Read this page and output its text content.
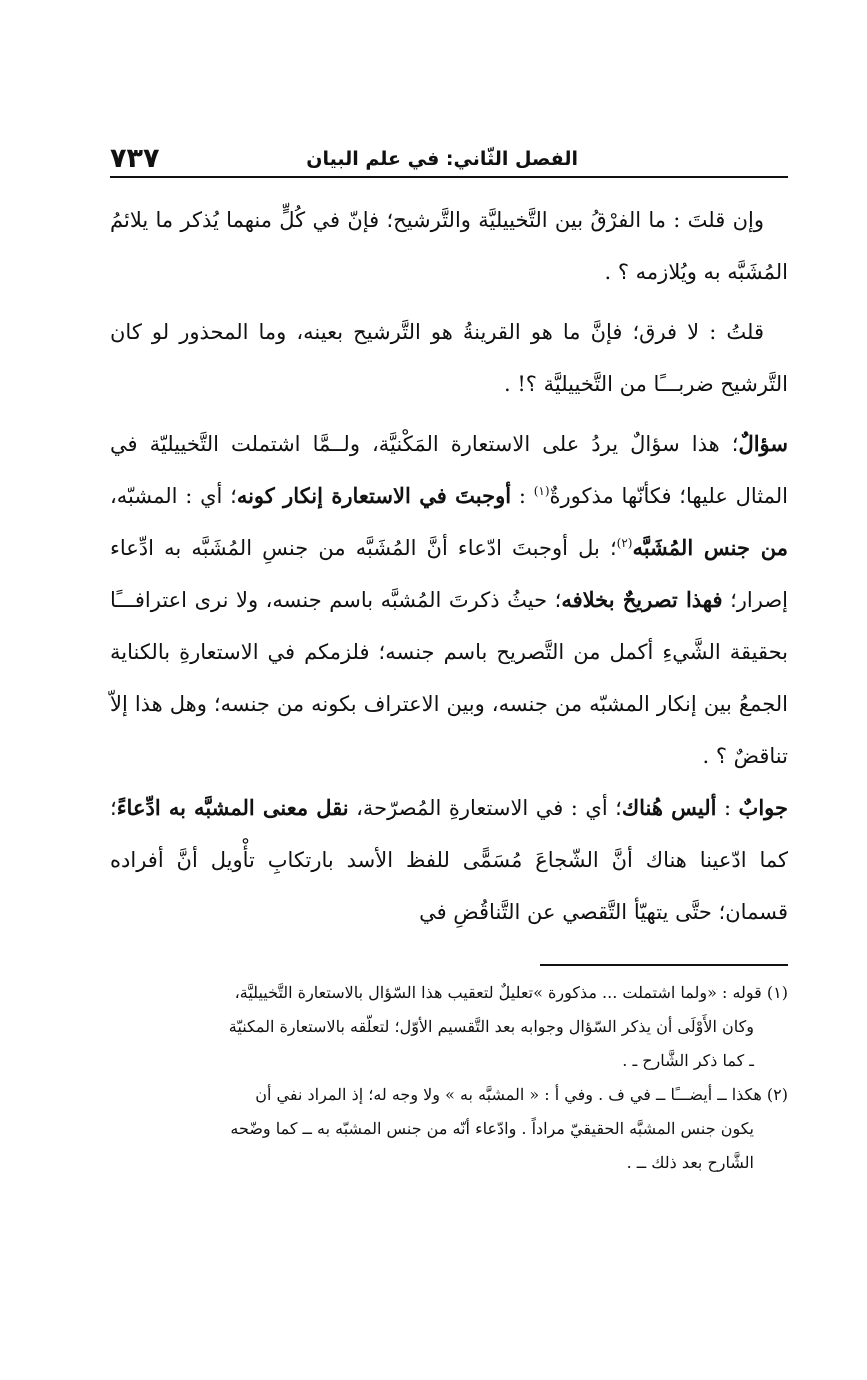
الفصل الثّاني: في علم البيان
٧٣٧

وإن قلتَ : ما الفرْقُ بين التَّخييليَّة والتَّرشيح؛ فإنّ في كُلٍّ منهما يُذكر ما يلائمُ المُشَبَّه به ويُلازمه ؟ .

قلتُ : لا فرق؛ فإنَّ ما هو القرينةُ هو التَّرشيح بعينه، وما المحذور لو كان التَّرشيح ضربـــًا من التَّخييليَّة ؟! .

سؤالٌ؛ هذا سؤالٌ يردُ على الاستعارة المَكْنيَّة، ولــمَّا اشتملت التَّخييليّة في المثال عليها؛ فكأنّها مذكورةٌ$^{(١)}$ : أوجبتَ في الاستعارة إنكار كونه؛ أي : المشبّه، من جنس المُشَبَّه$^{(٢)}$؛ بل أوجبتَ ادّعاء أنَّ المُشَبَّه من جنسِ المُشَبَّه به ادِّعاء إصرار؛ فهذا تصريحٌ بخلافه؛ حيثُ ذكرتَ المُشبَّه باسم جنسه، ولا نرى اعترافـــًا بحقيقة الشَّيءِ أكمل من التَّصريح باسم جنسه؛ فلزمكم في الاستعارةِ بالكناية الجمعُ بين إنكار المشبّه من جنسه، وبين الاعتراف بكونه من جنسه؛ وهل هذا إلاّ تناقضٌ ؟ .

جوابٌ : أليس هُناك؛ أي : في الاستعارةِ المُصرّحة، نقل معنى المشبَّه به ادِّعاءً؛ كما ادّعينا هناك أنَّ الشّجاعَ مُسَمًّى للفظ الأسد بارتكابِ تأْويل أنَّ أفراده قسمان؛ حتَّى يتهيّأ التَّقصي عن التَّناقُضِ في

(١) قوله : «ولما اشتملت ... مذكورة »تعليلٌ لتعقيب هذا السّؤال بالاستعارة التَّخييليَّة،

وكان الأَوْلَى أن يذكر السّؤال وجوابه بعد التَّقسيم الأوّل؛ لتعلّقه بالاستعارة المكنيّة

ـ كما ذكر الشَّارح ـ .

(٢) هكذا ــ أيضـــًا ــ في ف . وفي أ : « المشبَّه به » ولا وجه له؛ إذ المراد نفي أن

يكون جنس المشبَّه الحقيقيّ مراداً . وادّعاء أنّه من جنس المشبّه به ــ كما وضّحه

الشَّارح بعد ذلك ــ .
